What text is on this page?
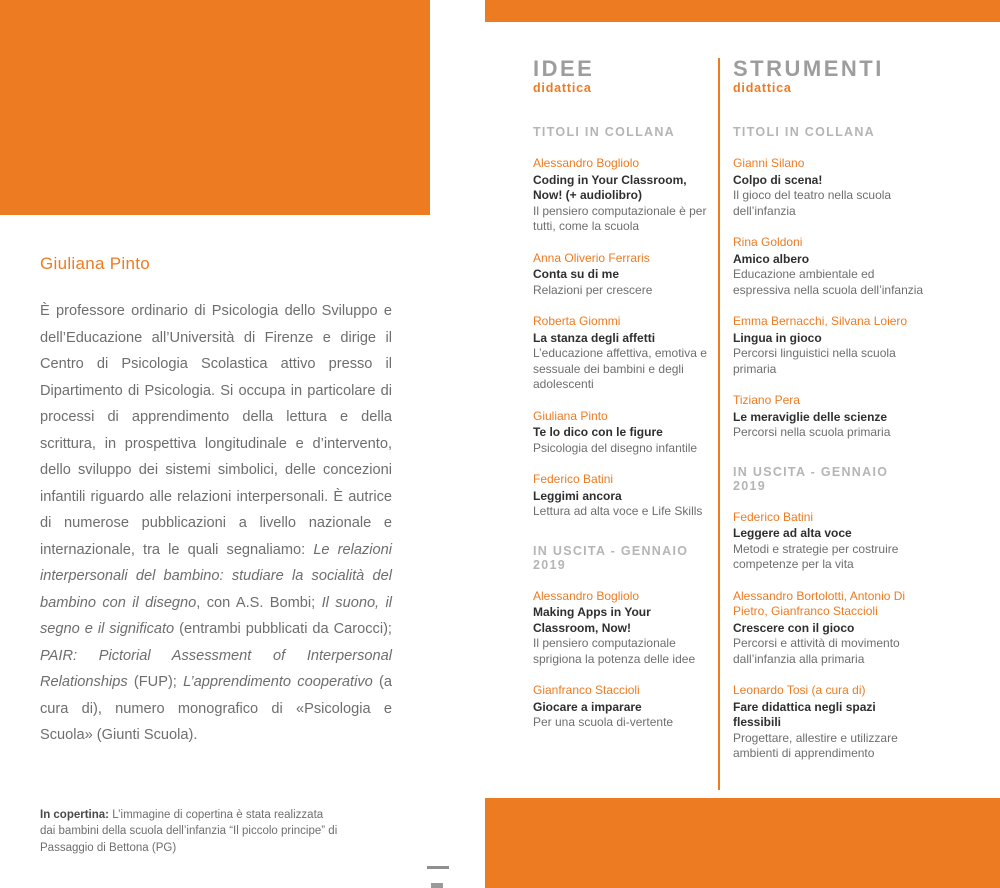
Giuliana Pinto

È professore ordinario di Psicologia dello Sviluppo e dell’Educazione all’Università di Firenze e dirige il Centro di Psicologia Scolastica attivo presso il Dipartimento di Psicologia. Si occupa in particolare di processi di apprendimento della lettura e della scrittura, in prospettiva longitudinale e d’intervento, dello sviluppo dei sistemi simbolici, delle concezioni infantili riguardo alle relazioni interpersonali. È autrice di numerose pubblicazioni a livello nazionale e internazionale, tra le quali segnaliamo: Le relazioni interpersonali del bambino: studiare la socialità del bambino con il disegno, con A.S. Bombi; Il suono, il segno e il significato (entrambi pubblicati da Carocci); PAIR: Pictorial Assessment of Interpersonal Relationships (FUP); L’apprendimento cooperativo (a cura di), numero monografico di «Psicologia e Scuola» (Giunti Scuola).

In copertina: L’immagine di copertina è stata realizzata dai bambini della scuola dell’infanzia “Il piccolo principe” di Passaggio di Bettona (PG)

IDEE
didattica
TITOLI IN COLLANA
Alessandro Bogliolo
Coding in Your Classroom, Now! (+ audiolibro)
Il pensiero computazionale è per tutti, come la scuola
Anna Oliverio Ferraris
Conta su di me
Relazioni per crescere
Roberta Giommi
La stanza degli affetti
L’educazione affettiva, emotiva e sessuale dei bambini e degli adolescenti
Giuliana Pinto
Te lo dico con le figure
Psicologia del disegno infantile
Federico Batini
Leggimi ancora
Lettura ad alta voce e Life Skills
IN USCITA - GENNAIO 2019
Alessandro Bogliolo
Making Apps in Your Classroom, Now!
Il pensiero computazionale sprigiona la potenza delle idee
Gianfranco Staccioli
Giocare a imparare
Per una scuola di-vertente
STRUMENTI
didattica
TITOLI IN COLLANA
Gianni Silano
Colpo di scena!
Il gioco del teatro nella scuola dell’infanzia
Rina Goldoni
Amico albero
Educazione ambientale ed espressiva nella scuola dell’infanzia
Emma Bernacchi, Silvana Loiero
Lingua in gioco
Percorsi linguistici nella scuola primaria
Tiziano Pera
Le meraviglie delle scienze
Percorsi nella scuola primaria
IN USCITA - GENNAIO 2019
Federico Batini
Leggere ad alta voce
Metodi e strategie per costruire competenze per la vita
Alessandro Bortolotti, Antonio Di Pietro, Gianfranco Staccioli
Crescere con il gioco
Percorsi e attività di movimento dall’infanzia alla primaria
Leonardo Tosi (a cura di)
Fare didattica negli spazi flessibili
Progettare, allestire e utilizzare ambienti di apprendimento
